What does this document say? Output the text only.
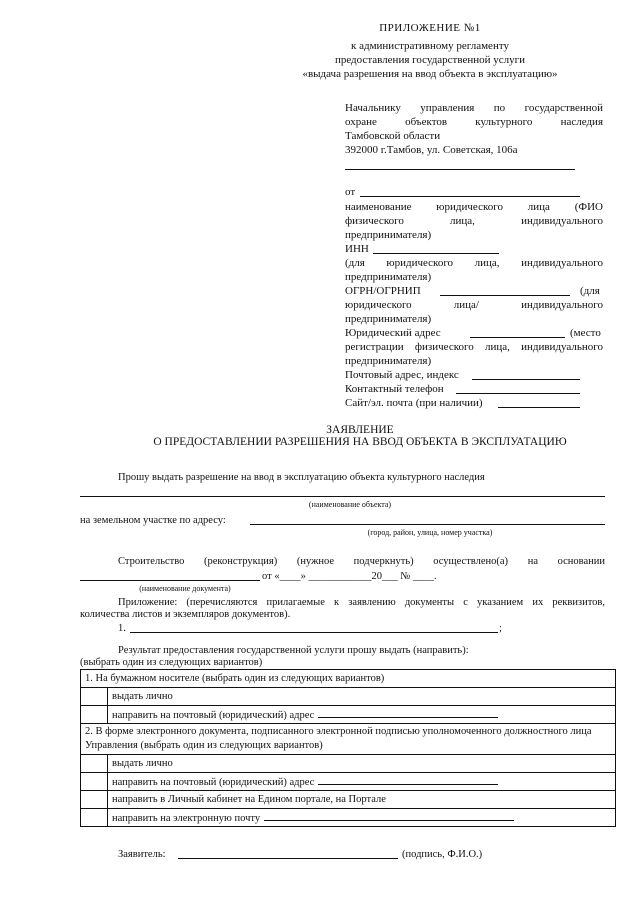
ПРИЛОЖЕНИЕ №1
к административному регламенту
предоставления государственной услуги
«выдача разрешения на ввод объекта в эксплуатацию»
Начальнику управления по государственной
охране объектов культурного наследия
Тамбовской области
392000 г.Тамбов, ул. Советская, 106а
от
наименование юридического лица (ФИО
физического лица, индивидуального
предпринимателя)
ИНН
(для юридического лица, индивидуального
предпринимателя)
ОГРН/ОГРНИП	(для
юридического лица/ индивидуального
предпринимателя)
Юридический адрес	(место
регистрации физического лица, индивидуального
предпринимателя)
Почтовый адрес, индекс
Контактный телефон
Сайт/эл. почта (при наличии)
ЗАЯВЛЕНИЕ
О ПРЕДОСТАВЛЕНИИ РАЗРЕШЕНИЯ НА ВВОД ОБЪЕКТА В ЭКСПЛУАТАЦИЮ
Прошу выдать разрешение на ввод в эксплуатацию объекта культурного наследия
(наименование объекта)
на земельном участке по адресу:
(город, район, улица, номер участка)
Строительство (реконструкция) (нужное подчеркнуть) осуществлено(а) на основании
от «____» ____________20___ № ____.
(наименование документа)
Приложение: (перечисляются прилагаемые к заявлению документы с указанием их реквизитов,
количества листов и экземпляров документов).
1.	;
Результат предоставления государственной услуги прошу выдать (направить):
(выбрать один из следующих вариантов)
1. На бумажном носителе (выбрать один из следующих вариантов)	
	выдать лично
	направить на почтовый (юридический) адрес
2. В форме электронного документа, подписанного электронной подписью уполномоченного должностного лица Управления (выбрать один из следующих вариантов)	
	выдать лично
	направить на почтовый (юридический) адрес
	направить в Личный кабинет на Едином портале, на Портале
	направить на электронную почту
Заявитель:	(подпись, Ф.И.О.)
